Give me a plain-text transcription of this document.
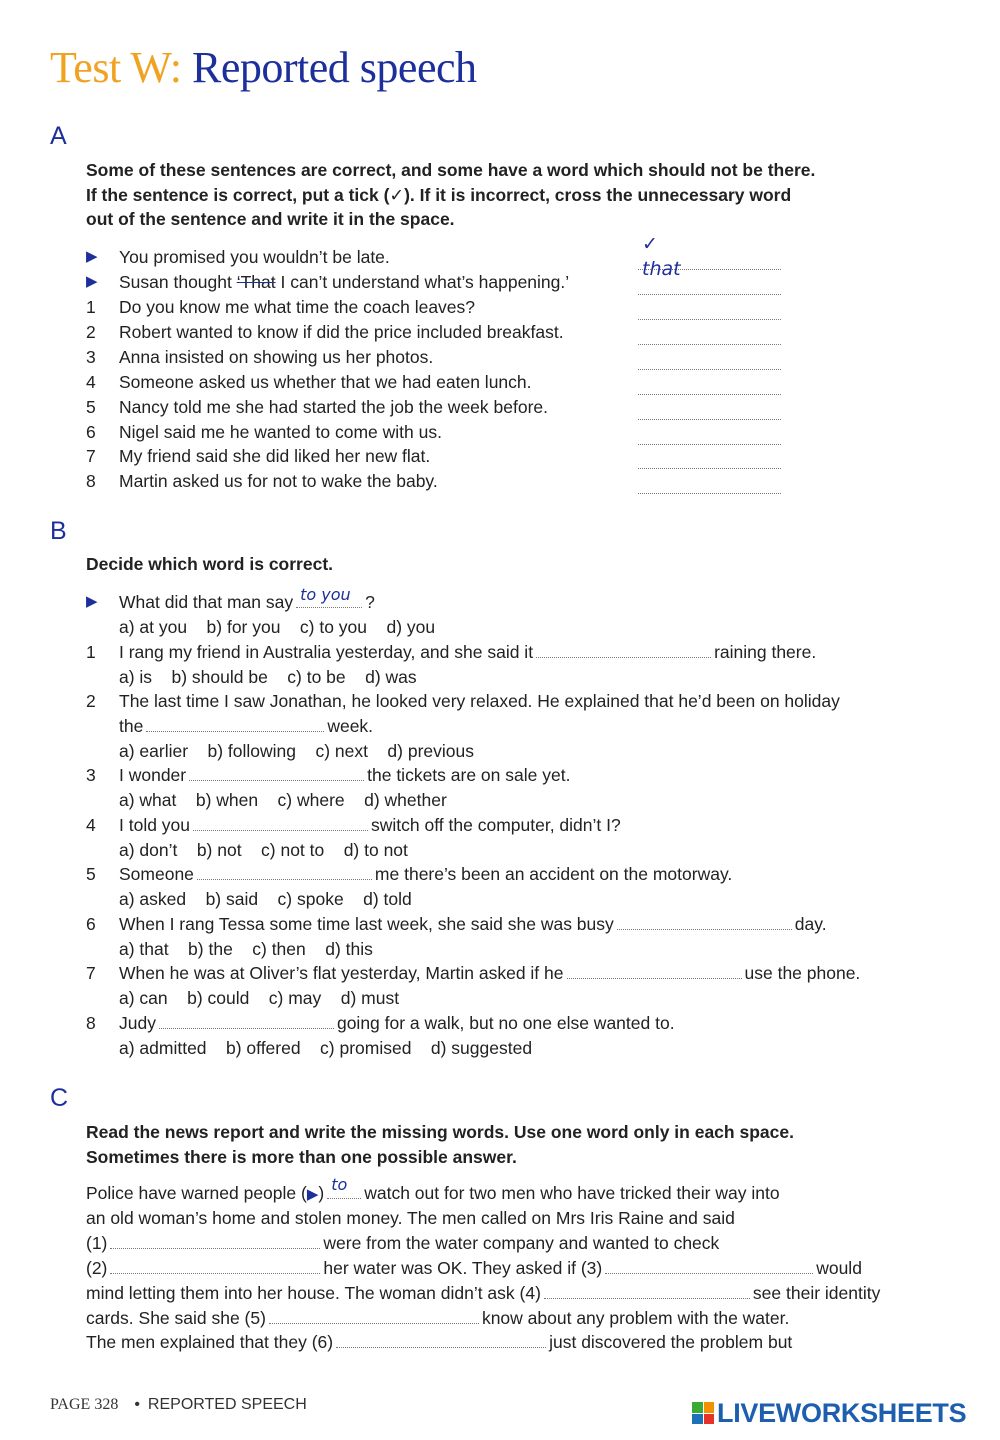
Test W: Reported speech
A
Some of these sentences are correct, and some have a word which should not be there.
If the sentence is correct, put a tick (✓). If it is incorrect, cross the unnecessary word
out of the sentence and write it in the space.
▶	You promised you wouldn’t be late.
✓
▶	Susan thought ‘That I can’t understand what’s happening.’
that
1	Do you know me what time the coach leaves?
2	Robert wanted to know if did the price included breakfast.
3	Anna insisted on showing us her photos.
4	Someone asked us whether that we had eaten lunch.
5	Nancy told me she had started the job the week before.
6	Nigel said me he wanted to come with us.
7	My friend said she did liked her new flat.
8	Martin asked us for not to wake the baby.
B
Decide which word is correct.
▶	What did that man say to you ?
a) at you    b) for you    c) to you    d) you
1	I rang my friend in Australia yesterday, and she said it	raining there.
a) is    b) should be    c) to be    d) was
2	The last time I saw Jonathan, he looked very relaxed. He explained that he’d been on holiday
the	week.
a) earlier    b) following    c) next    d) previous
3	I wonder	the tickets are on sale yet.
a) what    b) when    c) where    d) whether
4	I told you	switch off the computer, didn’t I?
a) don’t    b) not    c) not to    d) to not
5	Someone	me there’s been an accident on the motorway.
a) asked    b) said    c) spoke    d) told
6	When I rang Tessa some time last week, she said she was busy	day.
a) that    b) the    c) then    d) this
7	When he was at Oliver’s flat yesterday, Martin asked if he	use the phone.
a) can    b) could    c) may    d) must
8	Judy	going for a walk, but no one else wanted to.
a) admitted    b) offered    c) promised    d) suggested
C
Read the news report and write the missing words. Use one word only in each space.
Sometimes there is more than one possible answer.
Police have warned people (▶) to watch out for two men who have tricked their way into
an old woman’s home and stolen money. The men called on Mrs Iris Raine and said
(1)	were from the water company and wanted to check
(2)	her water was OK. They asked if (3)	would
mind letting them into her house. The woman didn’t ask (4)	see their identity
cards. She said she (5)	know about any problem with the water.
The men explained that they (6)	just discovered the problem but
PAGE 328 • REPORTED SPEECH	LIVEWORKSHEETS
